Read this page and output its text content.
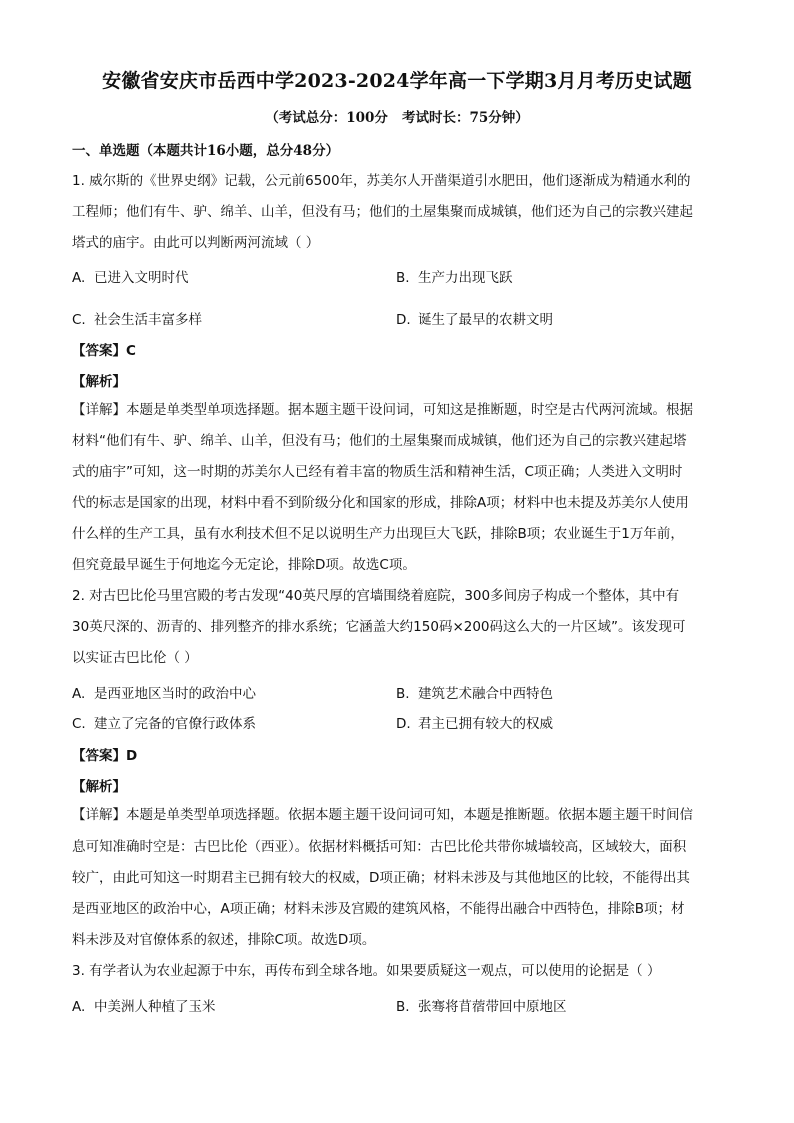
安徽省安庆市岳西中学2023-2024学年高一下学期3月月考历史试题
（考试总分：100分   考试时长：75分钟）
一、单选题（本题共计16小题，总分48分）
1. 威尔斯的《世界史纲》记载，公元前6500年，苏美尔人开凿渠道引水肥田，他们逐渐成为精通水利的
工程师；他们有牛、驴、绵羊、山羊，但没有马；他们的土屋集聚而成城镇，他们还为自己的宗教兴建起
塔式的庙宇。由此可以判断两河流域（ ）
A. 已进入文明时代	B. 生产力出现飞跃
C. 社会生活丰富多样	D. 诞生了最早的农耕文明
【答案】C
【解析】
【详解】本题是单类型单项选择题。据本题主题干设问词，可知这是推断题，时空是古代两河流域。根据
材料“他们有牛、驴、绵羊、山羊，但没有马；他们的土屋集聚而成城镇，他们还为自己的宗教兴建起塔
式的庙宇”可知，这一时期的苏美尔人已经有着丰富的物质生活和精神生活，C项正确；人类进入文明时
代的标志是国家的出现，材料中看不到阶级分化和国家的形成，排除A项；材料中也未提及苏美尔人使用
什么样的生产工具，虽有水利技术但不足以说明生产力出现巨大飞跃，排除B项；农业诞生于1万年前，
但究竟最早诞生于何地迄今无定论，排除D项。故选C项。
2. 对古巴比伦马里宫殿的考古发现“40英尺厚的宫墙围绕着庭院，300多间房子构成一个整体，其中有
30英尺深的、沥青的、排列整齐的排水系统；它涵盖大约150码×200码这么大的一片区域”。该发现可
以实证古巴比伦（ ）
A. 是西亚地区当时的政治中心	B. 建筑艺术融合中西特色
C. 建立了完备的官僚行政体系	D. 君主已拥有较大的权威
【答案】D
【解析】
【详解】本题是单类型单项选择题。依据本题主题干设问词可知，本题是推断题。依据本题主题干时间信
息可知准确时空是：古巴比伦（西亚）。依据材料概括可知：古巴比伦共带你城墙较高，区域较大，面积
较广，由此可知这一时期君主已拥有较大的权威，D项正确；材料未涉及与其他地区的比较，不能得出其
是西亚地区的政治中心，A项正确；材料未涉及宫殿的建筑风格，不能得出融合中西特色，排除B项；材
料未涉及对官僚体系的叙述，排除C项。故选D项。
3. 有学者认为农业起源于中东，再传布到全球各地。如果要质疑这一观点，可以使用的论据是（ ）
A. 中美洲人种植了玉米	B. 张骞将苜蓿带回中原地区
